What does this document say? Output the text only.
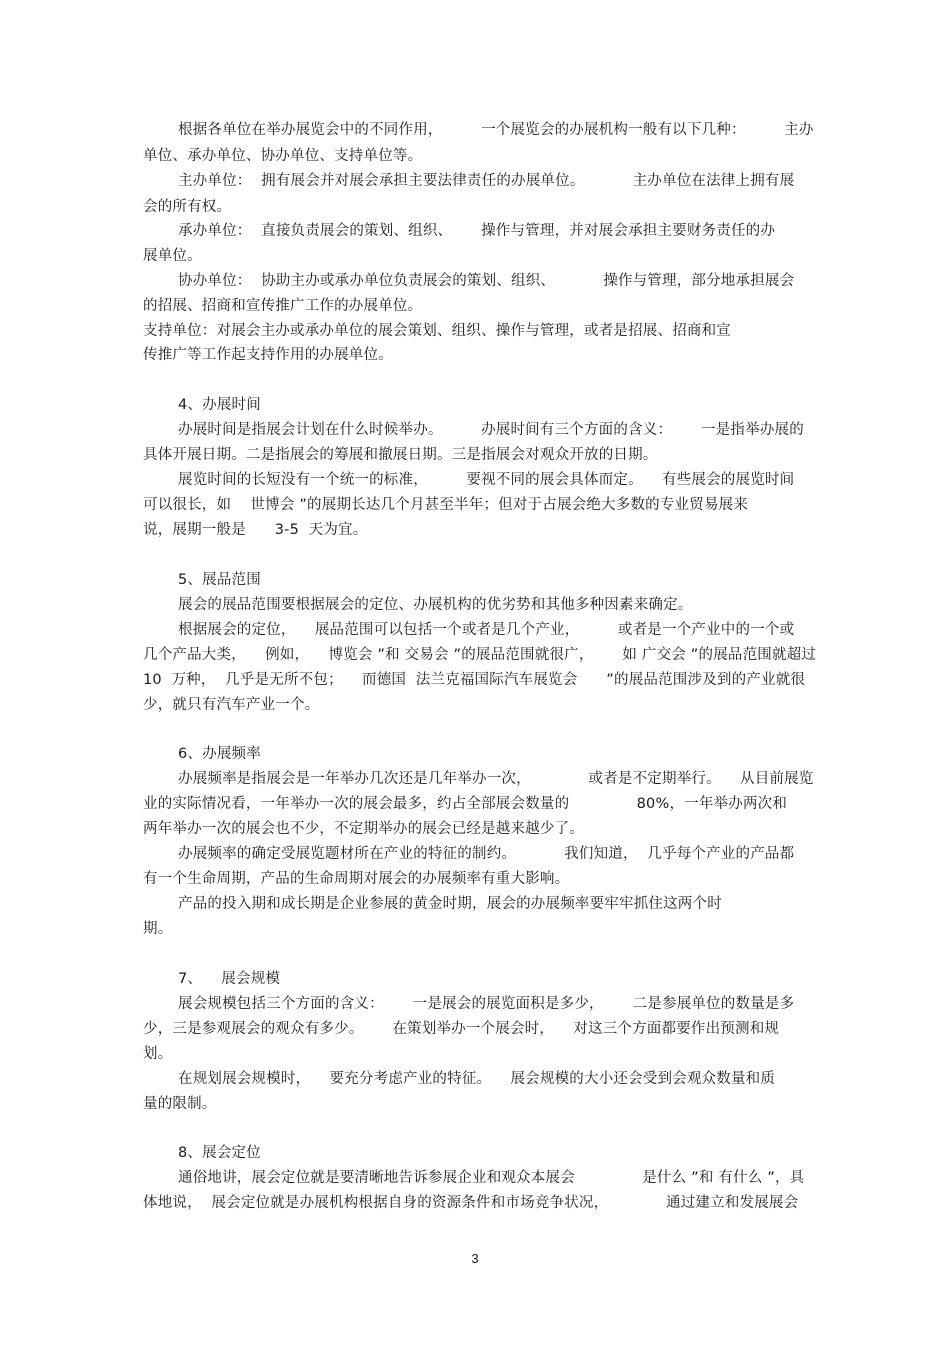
根据各单位在举办展览会中的不同作用，        一个展览会的办展机构一般有以下几种：        主办
单位、承办单位、协办单位、支持单位等。
主办单位：  拥有展会并对展会承担主要法律责任的办展单位。          主办单位在法律上拥有展
会的所有权。
承办单位：  直接负责展会的策划、组织、      操作与管理，并对展会承担主要财务责任的办
展单位。
协办单位：  协助主办或承办单位负责展会的策划、组织、          操作与管理，部分地承担展会
的招展、招商和宣传推广工作的办展单位。
支持单位：对展会主办或承办单位的展会策划、组织、操作与管理，或者是招展、招商和宣
传推广等工作起支持作用的办展单位。
4、办展时间
办展时间是指展会计划在什么时候举办。        办展时间有三个方面的含义：      一是指举办展的
具体开展日期。二是指展会的筹展和撤展日期。三是指展会对观众开放的日期。
展览时间的长短没有一个统一的标准，        要视不同的展会具体而定。    有些展会的展览时间
可以很长，如    世博会 ”的展期长达几个月甚至半年；但对于占展会绝大多数的专业贸易展来
说，展期一般是      3-5  天为宜。
5、展品范围
展会的展品范围要根据展会的定位、办展机构的优劣势和其他多种因素来确定。
根据展会的定位，    展品范围可以包括一个或者是几个产业，        或者是一个产业中的一个或
几个产品大类，    例如，    博览会 ”和 交易会 ”的展品范围就很广，      如 广交会 ”的展品范围就超过
10  万种，  几乎是无所不包；    而德国  法兰克福国际汽车展览会      ”的展品范围涉及到的产业就很
少，就只有汽车产业一个。
6、办展频率
办展频率是指展会是一年举办几次还是几年举办一次，            或者是不定期举行。    从目前展览
业的实际情况看，一年举办一次的展会最多，约占全部展会数量的              80%，一年举办两次和
两年举办一次的展会也不少，不定期举办的展会已经是越来越少了。
办展频率的确定受展览题材所在产业的特征的制约。          我们知道，  几乎每个产业的产品都
有一个生命周期，产品的生命周期对展会的办展频率有重大影响。
产品的投入期和成长期是企业参展的黄金时期，展会的办展频率要牢牢抓住这两个时
期。
7、    展会规模
展会规模包括三个方面的含义：      一是展会的展览面积是多少，      二是参展单位的数量是多
少，三是参观展会的观众有多少。      在策划举办一个展会时，    对这三个方面都要作出预测和规
划。
在规划展会规模时，    要充分考虑产业的特征。    展会规模的大小还会受到会观众数量和质
量的限制。
8、展会定位
通俗地讲，展会定位就是要清晰地告诉参展企业和观众本展会              是什么 ”和 有什么 ”，具
体地说，  展会定位就是办展机构根据自身的资源条件和市场竞争状况，            通过建立和发展展会
3
